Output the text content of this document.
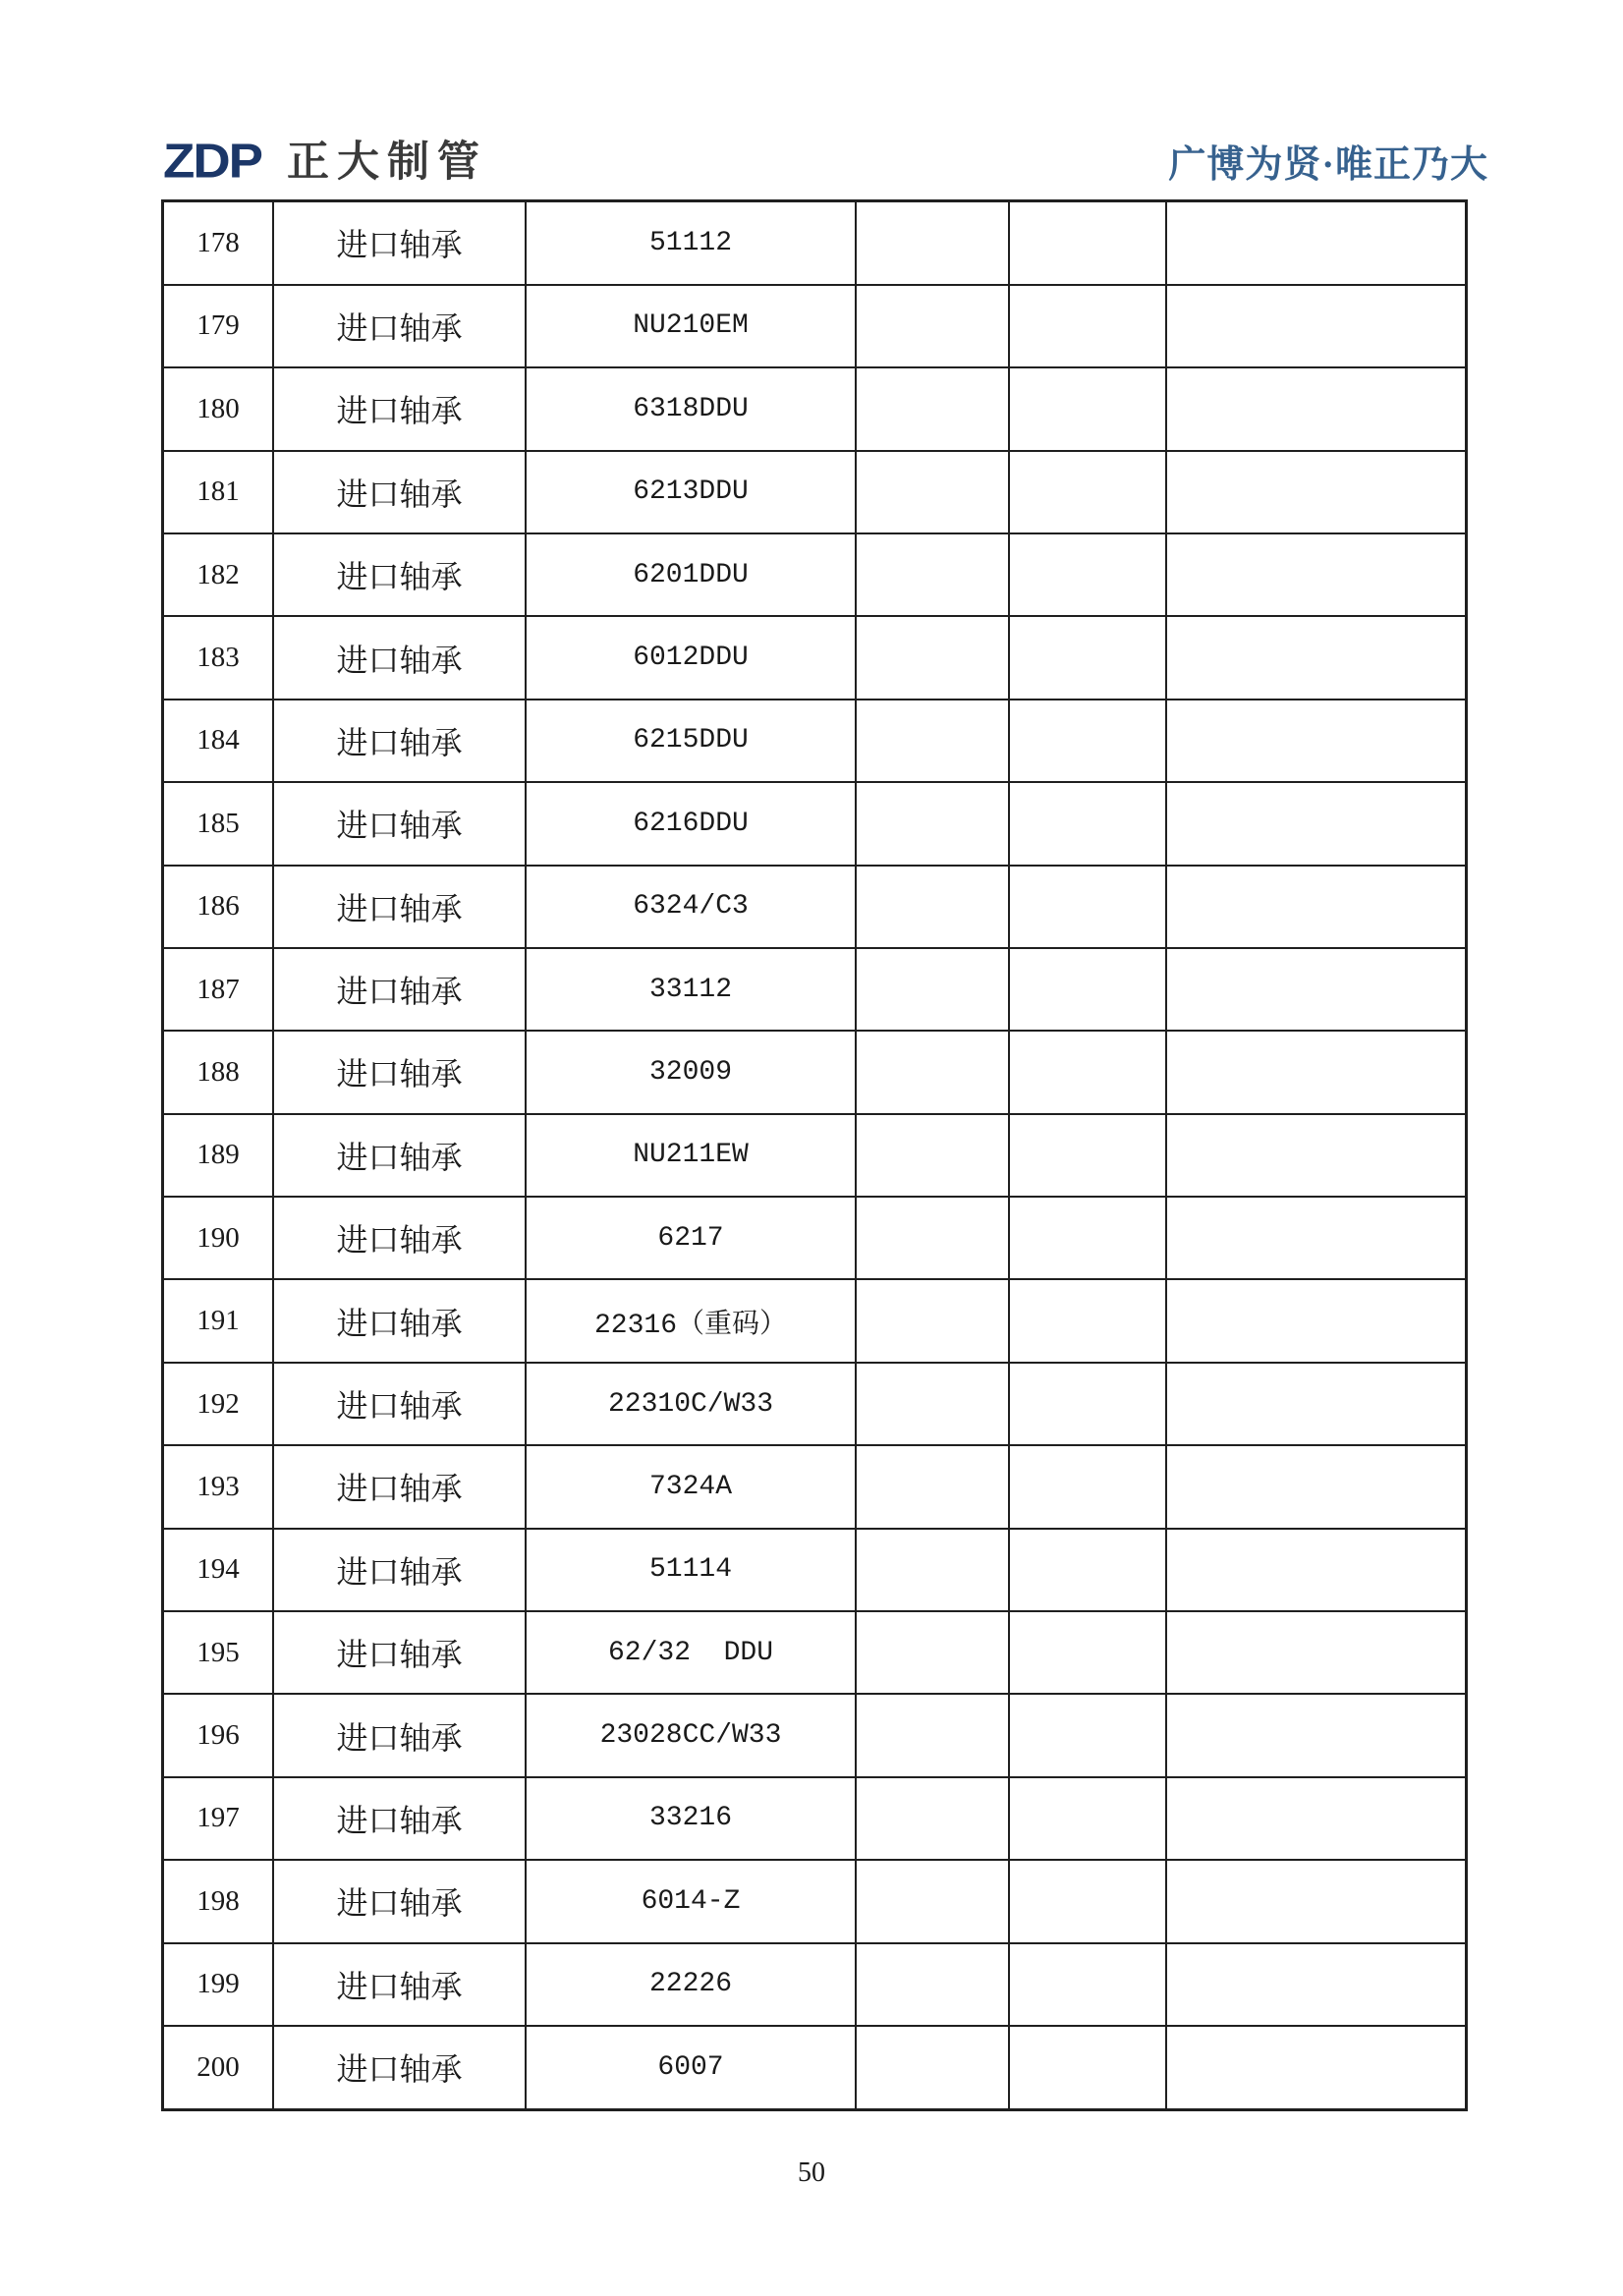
ZDP 正大制管	广博为贤·唯正乃大
178	进口轴承	51112			
179	进口轴承	NU210EM			
180	进口轴承	6318DDU			
181	进口轴承	6213DDU			
182	进口轴承	6201DDU			
183	进口轴承	6012DDU			
184	进口轴承	6215DDU			
185	进口轴承	6216DDU			
186	进口轴承	6324/C3			
187	进口轴承	33112			
188	进口轴承	32009			
189	进口轴承	NU211EW			
190	进口轴承	6217			
191	进口轴承	22316（重码）			
192	进口轴承	22310C/W33			
193	进口轴承	7324A			
194	进口轴承	51114			
195	进口轴承	62/32  DDU			
196	进口轴承	23028CC/W33			
197	进口轴承	33216			
198	进口轴承	6014-Z			
199	进口轴承	22226			
200	进口轴承	6007			
50
